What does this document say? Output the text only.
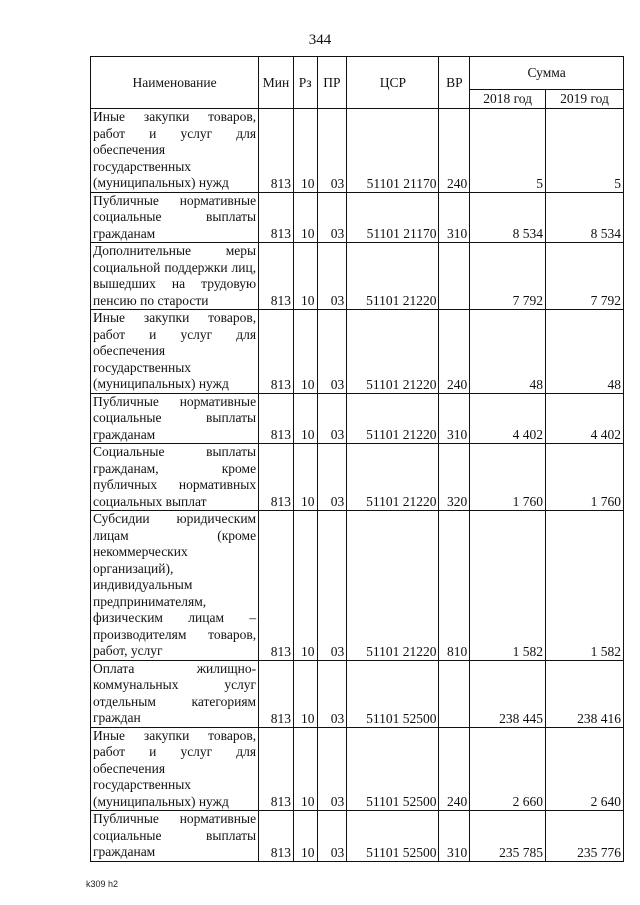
344
Наименование	Мин	Рз	ПР	ЦСР	ВР	Сумма	
						2018 год	2019 год
Иные закупки товаров, работ и услуг для обеспечения государственных (муниципальных) нужд	813	10	03	51101 21170	240	5	5
Публичные нормативные социальные выплаты гражданам	813	10	03	51101 21170	310	8 534	8 534
Дополнительные меры социальной поддержки лиц, вышедших на трудовую пенсию по старости	813	10	03	51101 21220		7 792	7 792
Иные закупки товаров, работ и услуг для обеспечения государственных (муниципальных) нужд	813	10	03	51101 21220	240	48	48
Публичные нормативные социальные выплаты гражданам	813	10	03	51101 21220	310	4 402	4 402
Социальные выплаты гражданам, кроме публичных нормативных социальных выплат	813	10	03	51101 21220	320	1 760	1 760
Субсидии юридическим лицам (кроме некоммерческих организаций), индивидуальным предпринимателям, физическим лицам – производителям товаров, работ, услуг	813	10	03	51101 21220	810	1 582	1 582
Оплата жилищно-коммунальных услуг отдельным категориям граждан	813	10	03	51101 52500		238 445	238 416
Иные закупки товаров, работ и услуг для обеспечения государственных (муниципальных) нужд	813	10	03	51101 52500	240	2 660	2 640
Публичные нормативные социальные выплаты гражданам	813	10	03	51101 52500	310	235 785	235 776
k309 h2
